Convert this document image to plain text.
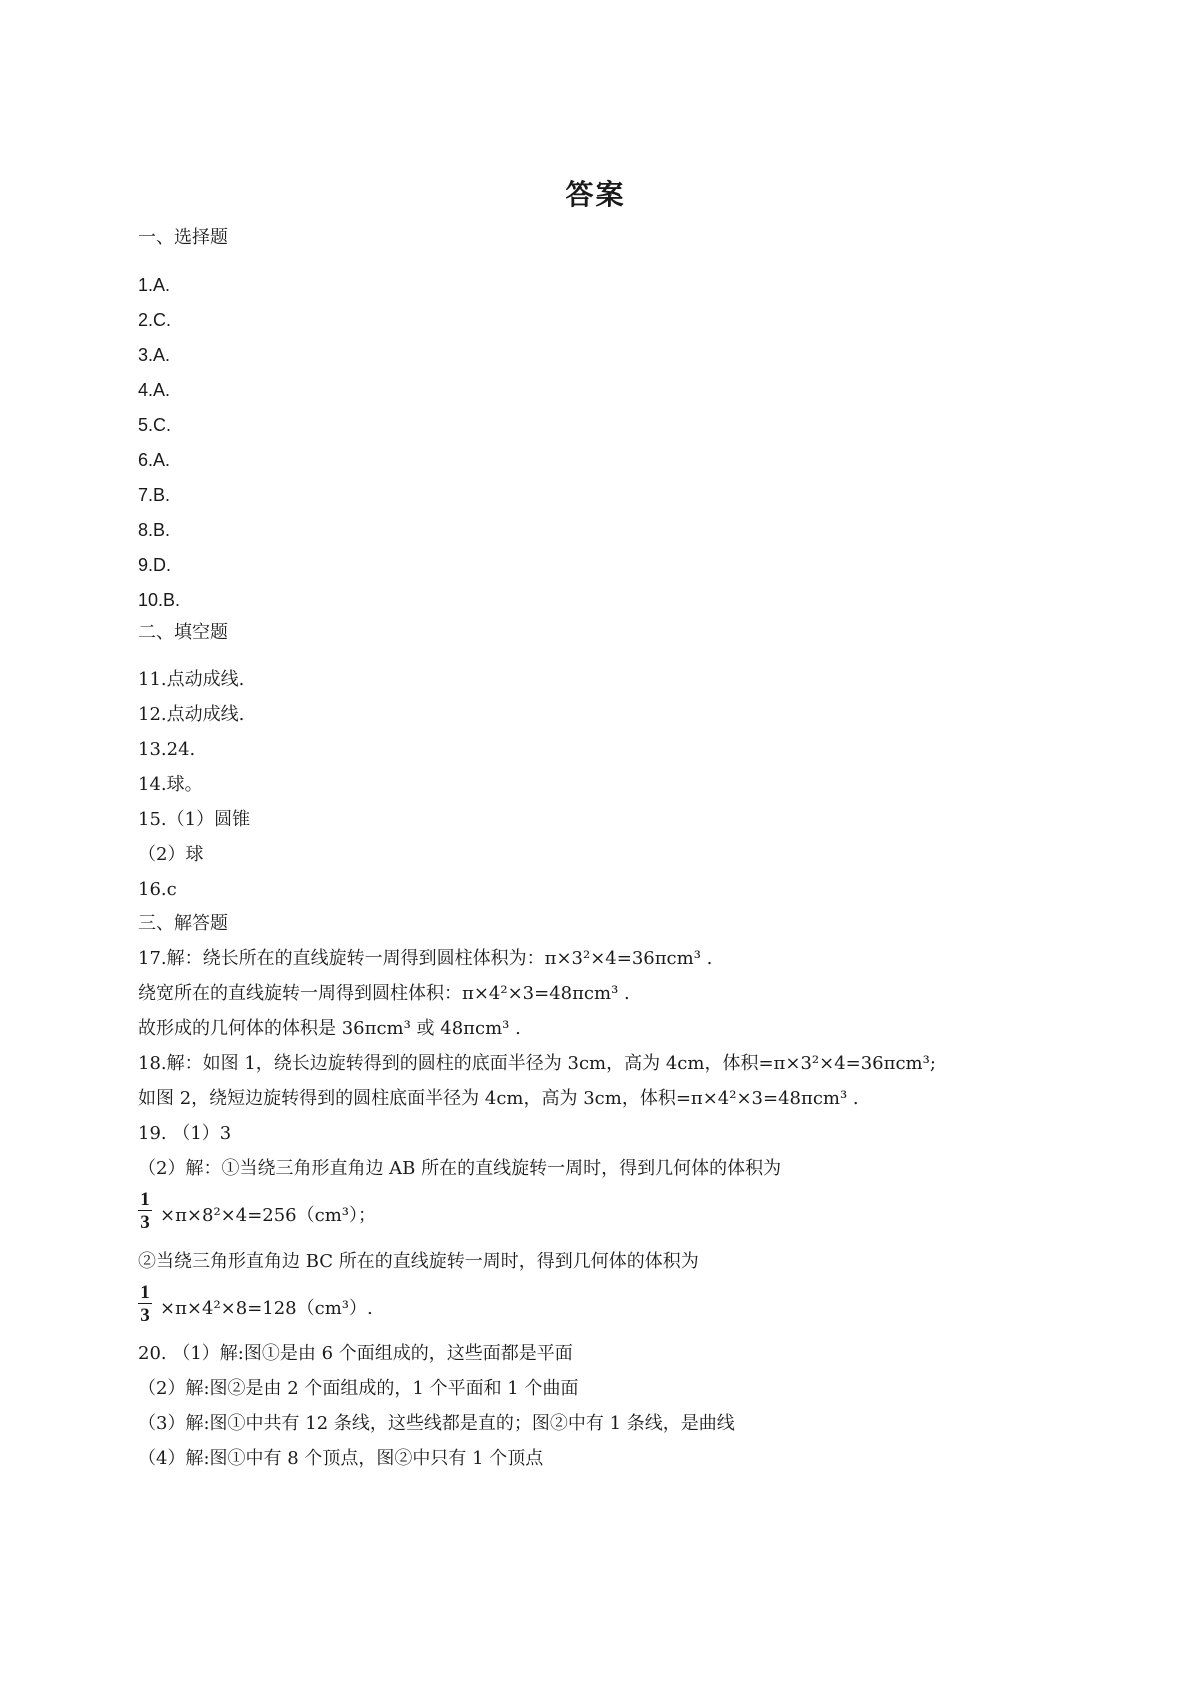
答案
一、选择题
1.A.
2.C.
3.A.
4.A.
5.C.
6.A.
7.B.
8.B.
9.D.
10.B.
二、填空题
11.点动成线.
12.点动成线.
13.24.
14.球。
15.（1）圆锥
（2）球
16.c
三、解答题
17.解：绕长所在的直线旋转一周得到圆柱体积为：π×3²×4=36πcm³ .
绕宽所在的直线旋转一周得到圆柱体积：π×4²×3=48πcm³ .
故形成的几何体的体积是 36πcm³ 或 48πcm³ .
18.解：如图 1，绕长边旋转得到的圆柱的底面半径为 3cm，高为 4cm，体积=π×3²×4=36πcm³;
如图 2，绕短边旋转得到的圆柱底面半径为 4cm，高为 3cm，体积=π×4²×3=48πcm³ .
19. （1）3
（2）解：①当绕三角形直角边 AB 所在的直线旋转一周时，得到几何体的体积为
1
3 ×π×8²×4=256（cm³）；
②当绕三角形直角边 BC 所在的直线旋转一周时，得到几何体的体积为
1
3 ×π×4²×8=128（cm³）.
20. （1）解:图①是由 6 个面组成的，这些面都是平面
（2）解:图②是由 2 个面组成的，1 个平面和 1 个曲面
（3）解:图①中共有 12 条线，这些线都是直的；图②中有 1 条线，是曲线
（4）解:图①中有 8 个顶点，图②中只有 1 个顶点
